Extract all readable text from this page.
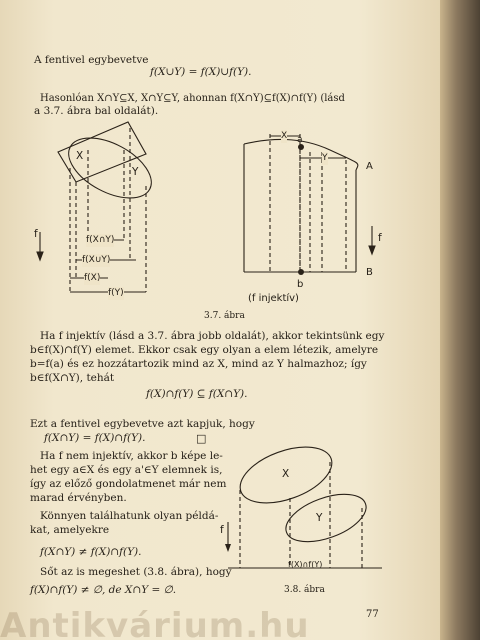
A fentivel egybevetve
f(X∪Y) = f(X)∪f(Y).
Hasonlóan X∩Y⊆X, X∩Y⊆Y, ahonnan f(X∩Y)⊆f(X)∩f(Y) (lásd
a 3.7. ábra bal oldalát).
X
Y
f	f(X∩Y)
f(X∪Y)
f(X)
f(Y)
X a
Y
A
f
B
b
(f injektív)
3.7. ábra
Ha f injektív (lásd a 3.7. ábra jobb oldalát), akkor tekintsünk egy
b∈f(X)∩f(Y) elemet. Ekkor csak egy olyan a elem létezik, amelyre
b=f(a) és ez hozzátartozik mind az X, mind az Y halmazhoz; így
b∈f(X∩Y), tehát
f(X)∩f(Y) ⊆ f(X∩Y).
Ezt a fentivel egybevetve azt kapjuk, hogy
f(X∩Y) = f(X)∩f(Y).	□
Ha f nem injektív, akkor b képe le-
het egy a∈X és egy a'∈Y elemnek is,
így az előző gondolatmenet már nem
marad érvényben.
Könnyen találhatunk olyan példá-
kat, amelyekre
f(X∩Y) ≠ f(X)∩f(Y).
Sőt az is megeshet (3.8. ábra), hogy
f(X)∩f(Y) ≠ ∅, de X∩Y = ∅.
X
Y
f
f(X)∩f(Y)
3.8. ábra
77
Antikvárium.hu
